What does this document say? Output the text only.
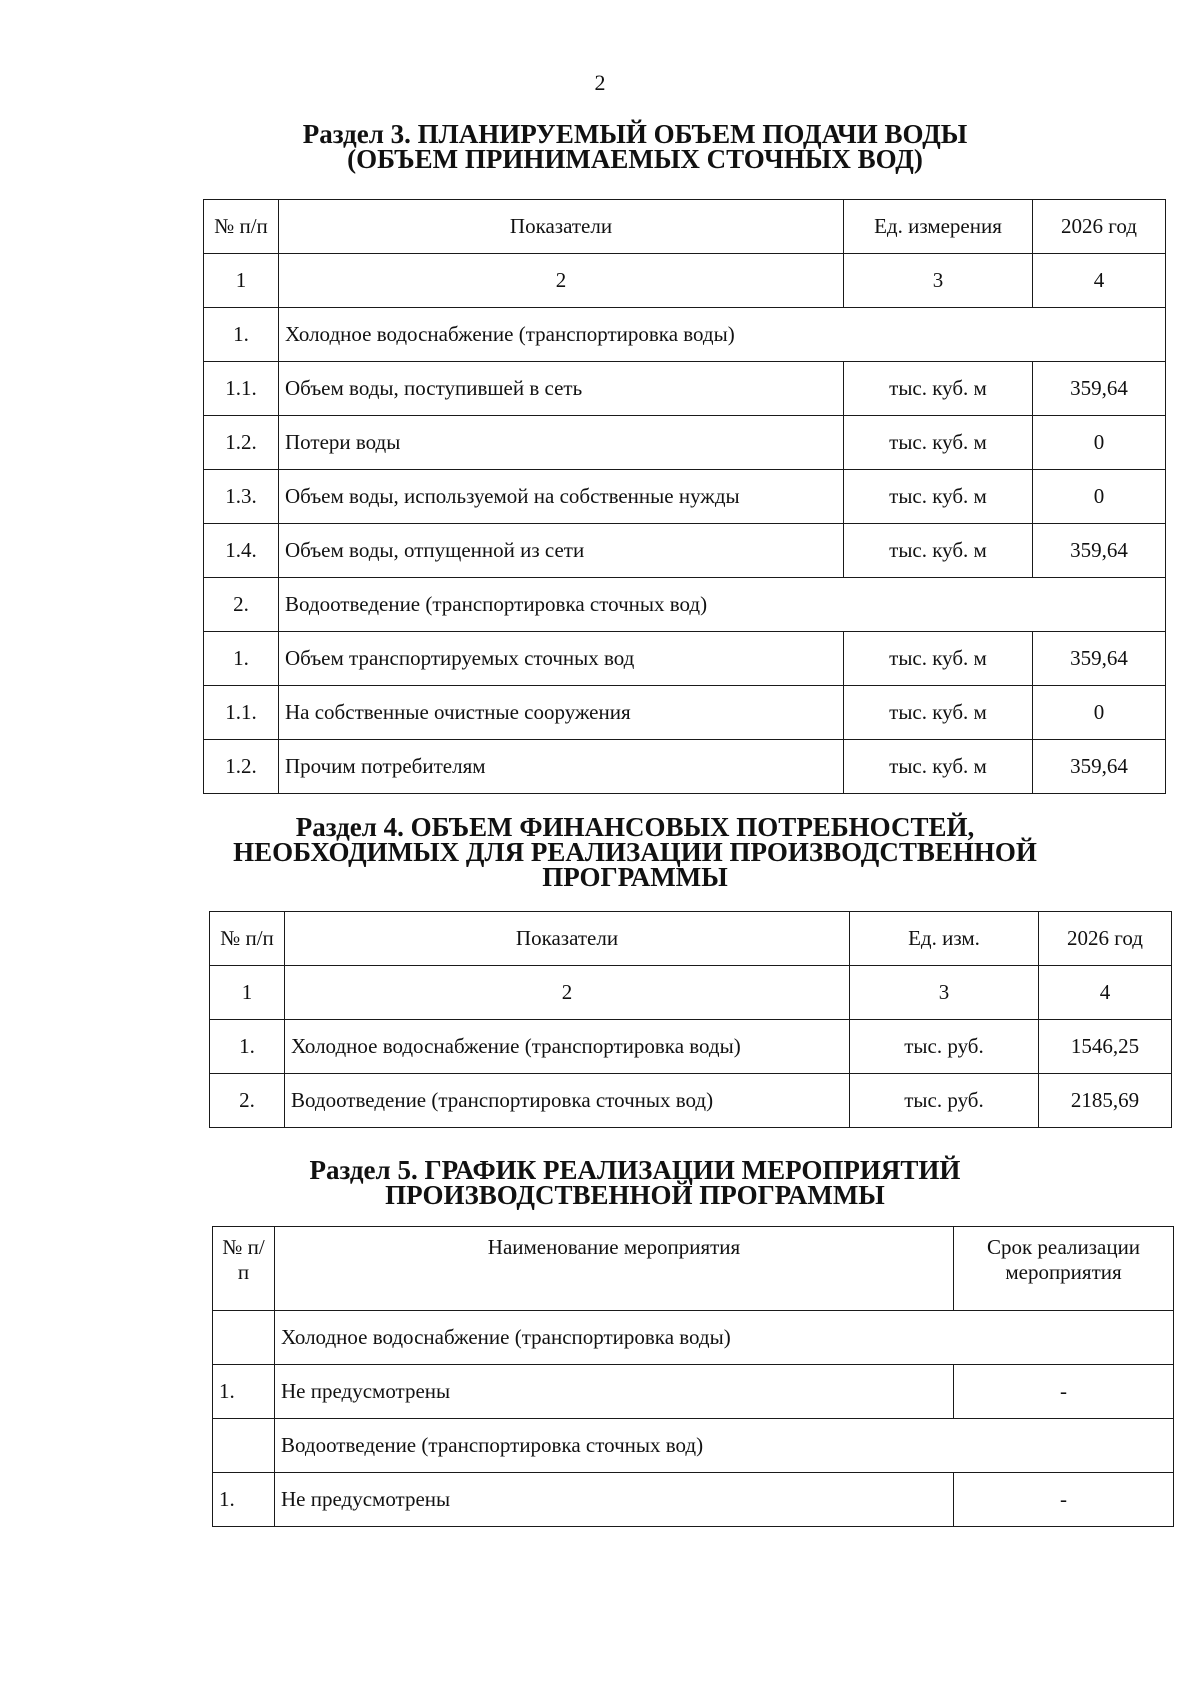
2
Раздел 3. ПЛАНИРУЕМЫЙ ОБЪЕМ ПОДАЧИ ВОДЫ
(ОБЪЕМ ПРИНИМАЕМЫХ СТОЧНЫХ ВОД)
№ п/п	Показатели	Ед. измерения	2026 год
1	2	3	4
1.	Холодное водоснабжение (транспортировка воды)		
1.1.	Объем воды, поступившей в сеть	тыс. куб. м	359,64
1.2.	Потери воды	тыс. куб. м	0
1.3.	Объем воды, используемой на собственные нужды	тыс. куб. м	0
1.4.	Объем воды, отпущенной из сети	тыс. куб. м	359,64
2.	Водоотведение (транспортировка сточных вод)		
1.	Объем транспортируемых сточных вод	тыс. куб. м	359,64
1.1.	На собственные очистные сооружения	тыс. куб. м	0
1.2.	Прочим потребителям	тыс. куб. м	359,64
Раздел 4. ОБЪЕМ ФИНАНСОВЫХ ПОТРЕБНОСТЕЙ,
НЕОБХОДИМЫХ ДЛЯ РЕАЛИЗАЦИИ ПРОИЗВОДСТВЕННОЙ
ПРОГРАММЫ
№ п/п	Показатели	Ед. изм.	2026 год
1	2	3	4
1.	Холодное водоснабжение (транспортировка воды)	тыс. руб.	1546,25
2.	Водоотведение (транспортировка сточных вод)	тыс. руб.	2185,69
Раздел 5. ГРАФИК РЕАЛИЗАЦИИ МЕРОПРИЯТИЙ
ПРОИЗВОДСТВЕННОЙ ПРОГРАММЫ
№ п/п	Наименование мероприятия	Срок реализации мероприятия
	Холодное водоснабжение (транспортировка воды)	
1.	Не предусмотрены	-
	Водоотведение (транспортировка сточных вод)	
1.	Не предусмотрены	-
